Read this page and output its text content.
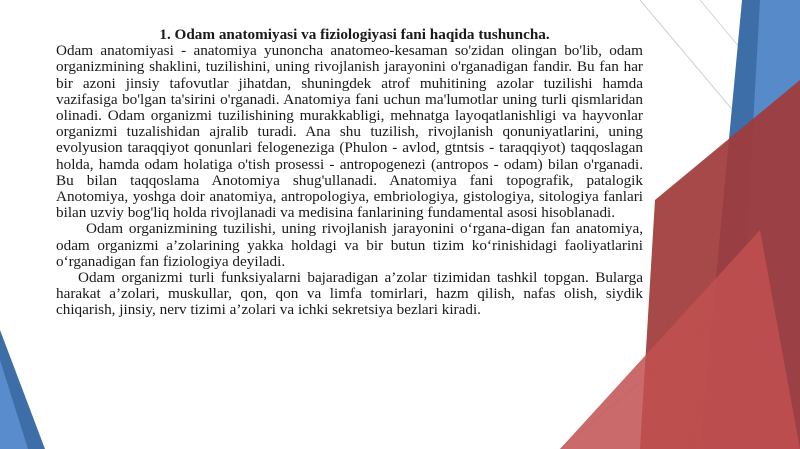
1. Odam anatomiyasi va fiziologiyasi fani haqida tushuncha.

Odam anatomiyasi - anatomiya yunoncha anatomeo-kesaman so'zidan olingan bo'lib, odam organizmining shaklini, tuzilishini, uning rivojlanish jarayonini o'rganadigan fandir. Bu fan har bir azoni jinsiy tafovutlar jihatdan, shuningdek atrof muhitining azolar tuzilishi hamda vazifasiga bo'lgan ta'sirini o'rganadi. Anatomiya fani uchun ma'lumotlar uning turli qismlaridan olinadi. Odam organizmi tuzilishining murakkabligi, mehnatga layoqatlanishligi va hayvonlar organizmi tuzalishidan ajralib turadi. Ana shu tuzilish, rivojlanish qonuniyatlarini, uning evolyusion taraqqiyot qonunlari felogeneziga (Phulon - avlod, gtntsis - taraqqiyot) taqqoslagan holda, hamda odam holatiga o'tish prosessi - antropogenezi (antropos - odam) bilan o'rganadi. Bu bilan taqqoslama Anotomiya shug'ullanadi. Anatomiya fani topografik, patalogik Anotomiya, yoshga doir anatomiya, antropologiya, embriologiya, gistologiya, sitologiya fanlari bilan uzviy bog'liq holda rivojlanadi va medisina fanlarining fundamental asosi hisoblanadi.

Odam organizmining tuzilishi, uning rivojlanish jarayonini o‘rgana-digan fan anatomiya, odam organizmi a’zolarining yakka holdagi va bir butun tizim ko‘rinishidagi faoliyatlarini o‘rganadigan fan fiziologiya deyiladi.

Odam organizmi turli funksiyalarni bajaradigan a’zolar tizimidan tashkil topgan. Bularga harakat a’zolari, muskullar, qon, qon va limfa tomirlari, hazm qilish, nafas olish, siydik chiqarish, jinsiy, nerv tizimi a’zolari va ichki sekretsiya bezlari kiradi.
